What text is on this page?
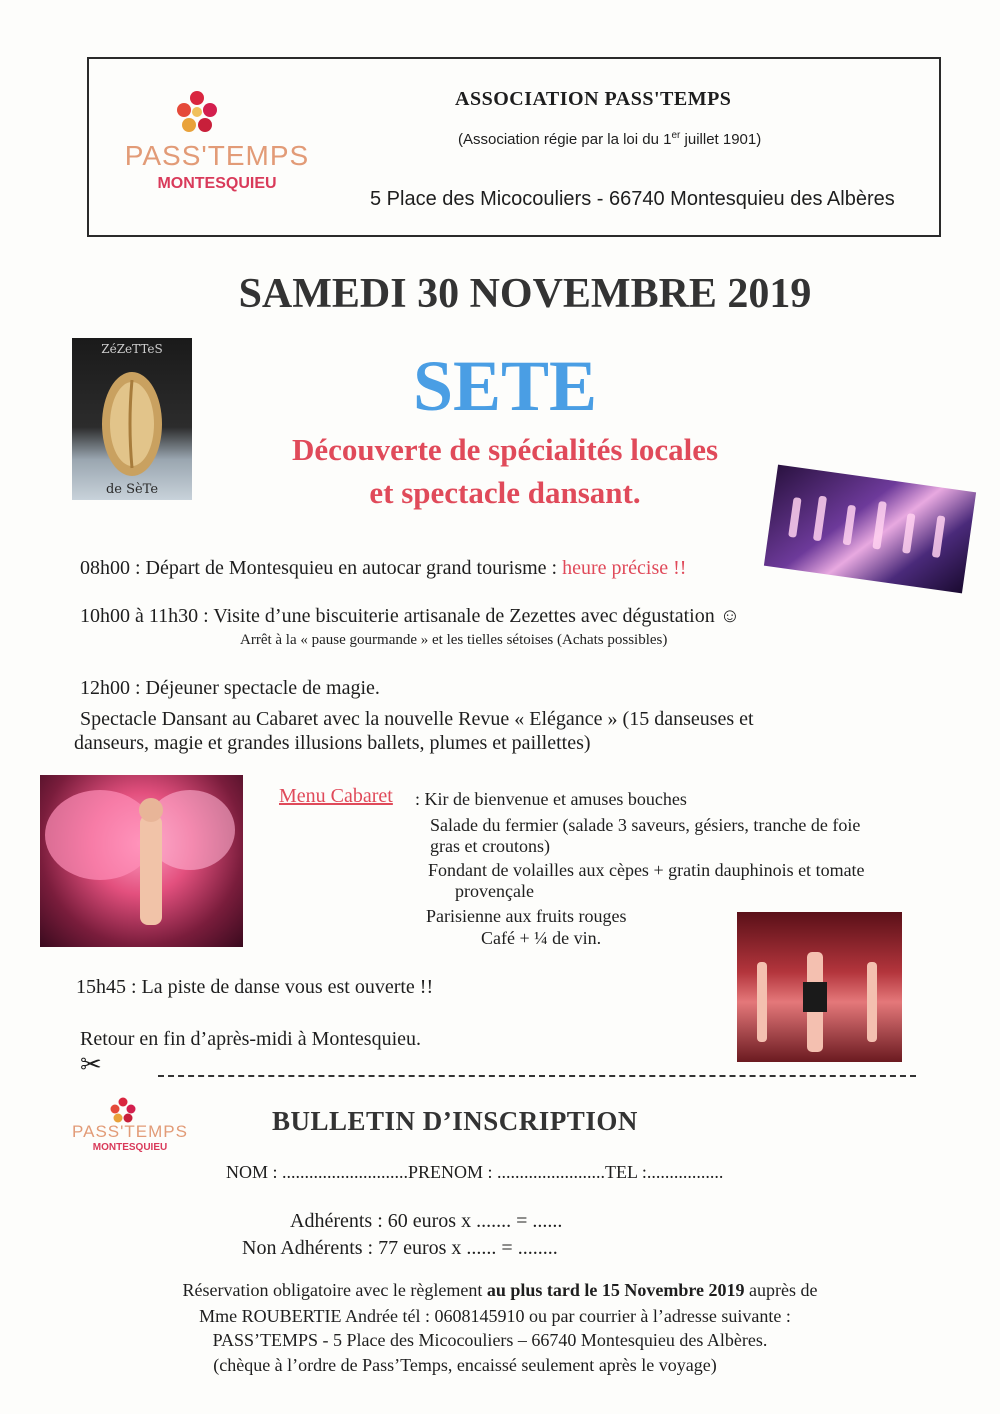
PASS'TEMPS
MONTESQUIEU
ASSOCIATION PASS'TEMPS
(Association régie par la loi du 1er juillet 1901)
5 Place des Micocouliers - 66740 Montesquieu des Albères
SAMEDI 30 NOVEMBRE 2019
SETE
Découverte de spécialités locales
et spectacle dansant.
ZéZeTTeS
de SèTe
08h00 : Départ de Montesquieu en autocar grand tourisme : heure précise !!
10h00 à 11h30 : Visite d’une biscuiterie artisanale de Zezettes avec dégustation ☺
Arrêt à la « pause gourmande » et les tielles sétoises (Achats possibles)
12h00 : Déjeuner spectacle de magie.
Spectacle Dansant au Cabaret avec la nouvelle Revue « Elégance » (15 danseuses et
danseurs, magie et grandes illusions ballets, plumes et paillettes)
Menu Cabaret : Kir de bienvenue et amuses bouches
Salade du fermier (salade 3 saveurs, gésiers, tranche de foie
gras et croutons)
Fondant de volailles aux cèpes + gratin dauphinois et tomate
provençale
Parisienne aux fruits rouges
Café + ¼ de vin.
15h45 : La piste de danse vous est ouverte !!
Retour en fin d’après-midi à Montesquieu.
✂
PASS'TEMPS
MONTESQUIEU
BULLETIN D’INSCRIPTION
NOM : ............................PRENOM : ........................TEL :.................
Adhérents : 60 euros x ....... = ......
Non Adhérents : 77 euros x ...... = ........
Réservation obligatoire avec le règlement au plus tard le 15 Novembre 2019 auprès de
Mme ROUBERTIE Andrée tél : 0608145910 ou par courrier à l’adresse suivante :
PASS’TEMPS - 5 Place des Micocouliers – 66740 Montesquieu des Albères.
(chèque à l’ordre de Pass’Temps, encaissé seulement après le voyage)
